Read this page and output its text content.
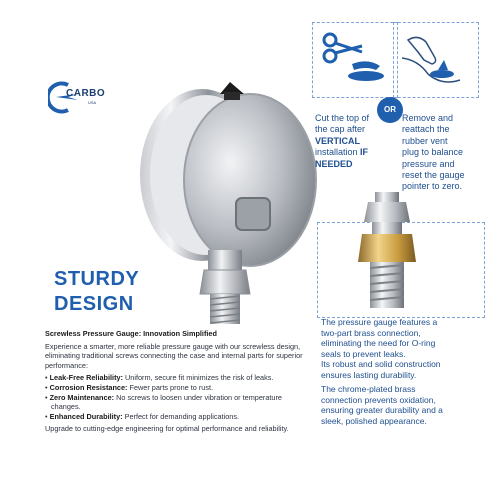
CARBO
USA
STURDY
DESIGN
Screwless Pressure Gauge: Innovation Simplified

Experience a smarter, more reliable pressure gauge with our screwless design, eliminating traditional screws connecting the case and internal parts for superior performance:

• Leak-Free Reliability: Uniform, secure fit minimizes the risk of leaks.
• Corrosion Resistance: Fewer parts prone to rust.
• Zero Maintenance: No screws to loosen under vibration or temperature changes.
• Enhanced Durability: Perfect for demanding applications.

Upgrade to cutting-edge engineering for optimal performance and reliability.

OR
Cut the top of
the cap after
VERTICAL
installation IF
NEEDED
Remove and
reattach the
rubber vent
plug to balance
pressure and
reset the gauge
pointer to zero.

The pressure gauge features a

two-part brass connection,

eliminating the need for O-ring

seals to prevent leaks.

Its robust and solid construction

ensures lasting durability.

The chrome-plated brass

connection prevents oxidation,

ensuring greater durability and a

sleek, polished appearance.
